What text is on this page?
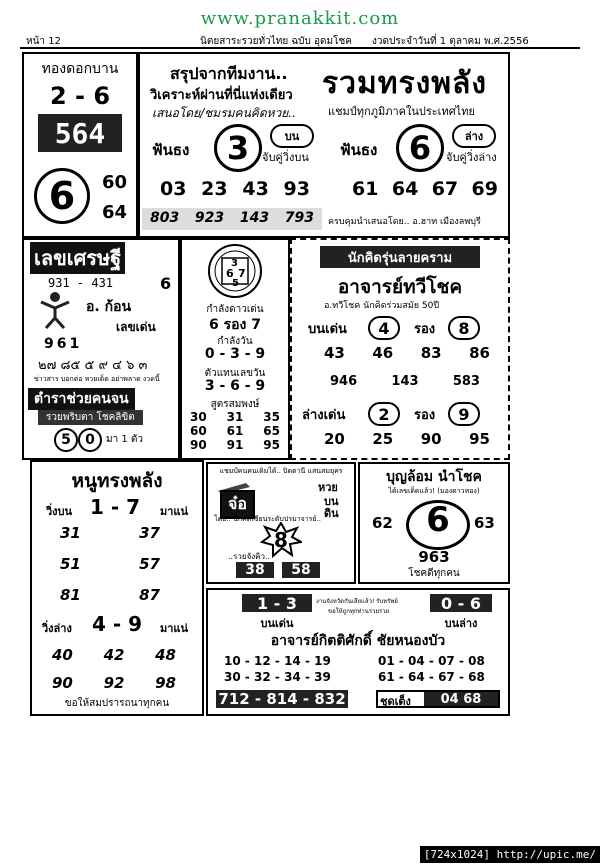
www.pranakkit.com
หน้า 12	นิตยสาระรวยทั่วไทย ฉบับ อุดมโชค งวดประจำวันที่ 1 ตุลาคม พ.ศ.2556
ทองดอกบาน
2 - 6
564
6	60
64
สรุปจากทีมงาน..
วิเคราะห์ผ่านที่นี่แห่งเดียว
เสนอโดย/ชมรมคนคิดหวย..
รวมทรงพลัง
แชมป์ทุกภูมิภาคในประเทศไทย
ฟันธง	3	บน
จับคู่วิ่งบน ฟันธง 6	ล่าง
จับคู่วิ่งล่าง
03 23 43 93 61 64 67 69
803 923 143 793 ครบคุมนำเสนอโดย.. อ.ฮาท เมืองลพบุรี
เลขเศรษฐี
931 - 431	6
อ. ก้อน
เลขเด่น
961
๒๗ ๘๕ ๕ ๙ ๔ ๖ ๓
ข่าวสาร บอกต่อ หวยเด็ด อย่าพลาด งวดนี้
ตำราช่วยคนจน
รวยพริบตา โชคลิขิต
5	0	มา 1 ตัว
3
6 7
5
กำลังดาวเด่น
6 รอง 7
กำลังวัน
0 - 3 - 9
ตัวแทนเลขวัน
3 - 6 - 9
สูตรสมพงษ์
30 31 35
60 61 65
90 91 95
นักคิดรุ่นลายคราม
อาจารย์ทวีโชค
อ.ทวีโชค นักคิดร่วมสมัย 50ปี
บนเด่น	4	รอง	8
43 46 83 86
946	143	583
ล่างเด่น	2	รอง	9
20 25 90 95
หนูทรงพลัง
วิ่งบน 1 - 7 มาแน่
31	37
51	57
81	87
วิ่งล่าง 4 - 9 มาแน่
40 42 48
90 92 98
ขอให้สมปรารถนาทุกคน
แชมป์คนคนเดิมได้.. ปิดตานี แสนสมยุคร
จ๋อ
หวย
บน
ดิน
โดย.. นักคิดเซียนระดับปรมาจารย์..
8
..รวยจังคิว..
38	58
บุญล้อม นำโชค
ได้เลขเด็ดแล้ว! (มองดาวทอง)
62 6	63
963
โชคดีทุกคน
1 - 3	งานจังหวัดกันเสียแล้ว! รับทรัพย์
ขอให้ถูกทุกท่านรวยรวย	0 - 6
บนเด่น	บนล่าง
อาจารย์กิตติศักดิ์ ชัยหนองบัว
10 - 12 - 14 - 19
30 - 32 - 34 - 39
01 - 04 - 07 - 08
61 - 64 - 67 - 68
712 - 814 - 832	ชุดเต็ง	04 68
[724x1024] http://upic.me/
